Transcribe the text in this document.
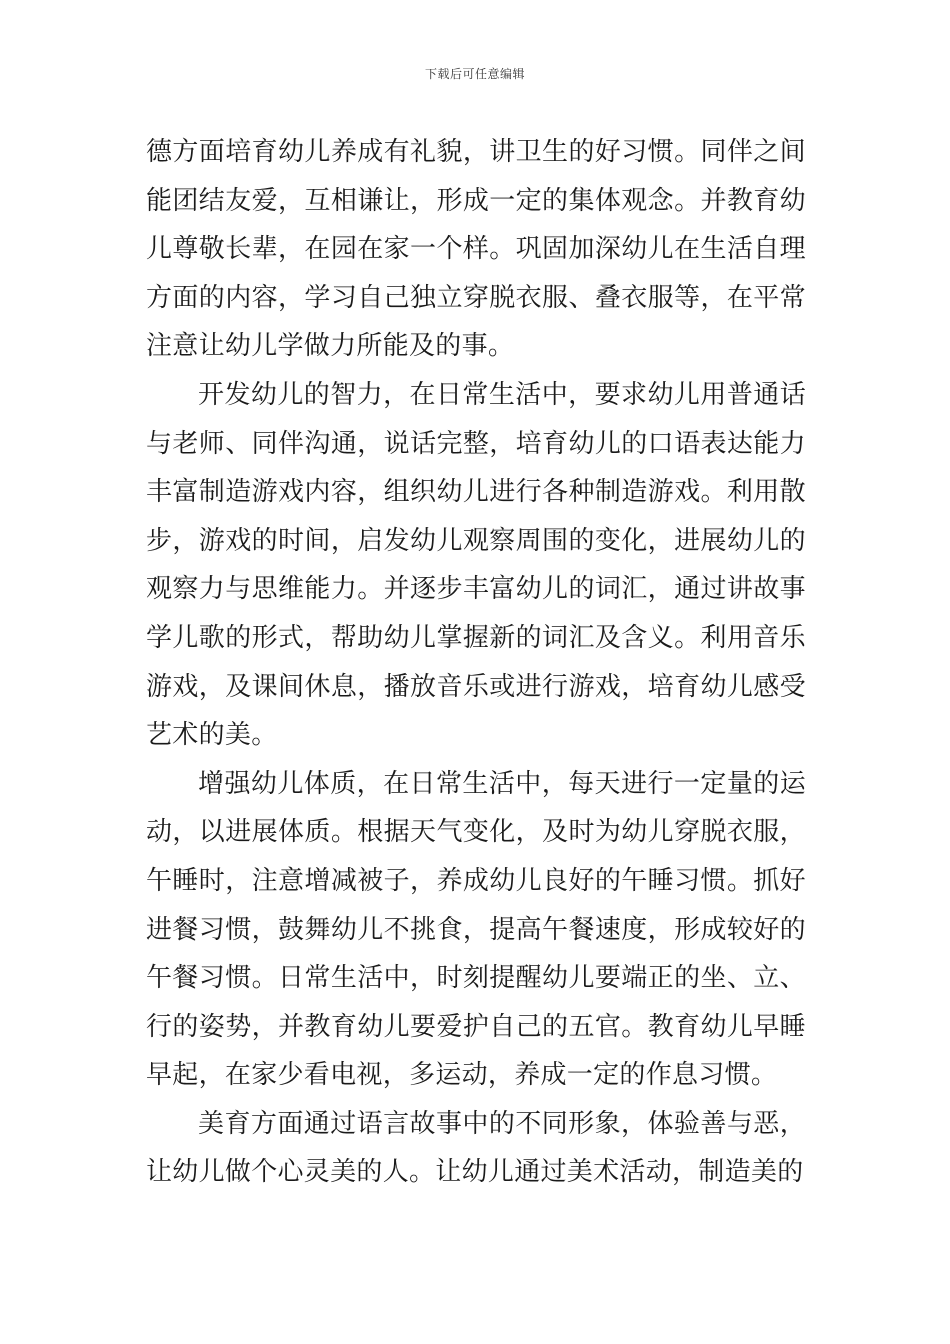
下载后可任意编辑

德方面培育幼儿养成有礼貌，讲卫生的好习惯。同伴之间能团结友爱，互相谦让，形成一定的集体观念。并教育幼儿尊敬长辈，在园在家一个样。巩固加深幼儿在生活自理方面的内容，学习自己独立穿脱衣服、叠衣服等，在平常注意让幼儿学做力所能及的事。

开发幼儿的智力，在日常生活中，要求幼儿用普通话与老师、同伴沟通，说话完整，培育幼儿的口语表达能力丰富制造游戏内容，组织幼儿进行各种制造游戏。利用散步，游戏的时间，启发幼儿观察周围的变化，进展幼儿的观察力与思维能力。并逐步丰富幼儿的词汇，通过讲故事学儿歌的形式，帮助幼儿掌握新的词汇及含义。利用音乐游戏，及课间休息，播放音乐或进行游戏，培育幼儿感受艺术的美。

增强幼儿体质，在日常生活中，每天进行一定量的运动，以进展体质。根据天气变化，及时为幼儿穿脱衣服，午睡时，注意增减被子，养成幼儿良好的午睡习惯。抓好进餐习惯，鼓舞幼儿不挑食，提高午餐速度，形成较好的午餐习惯。日常生活中，时刻提醒幼儿要端正的坐、立、行的姿势，并教育幼儿要爱护自己的五官。教育幼儿早睡早起，在家少看电视，多运动，养成一定的作息习惯。

美育方面通过语言故事中的不同形象，体验善与恶，让幼儿做个心灵美的人。让幼儿通过美术活动，制造美的
